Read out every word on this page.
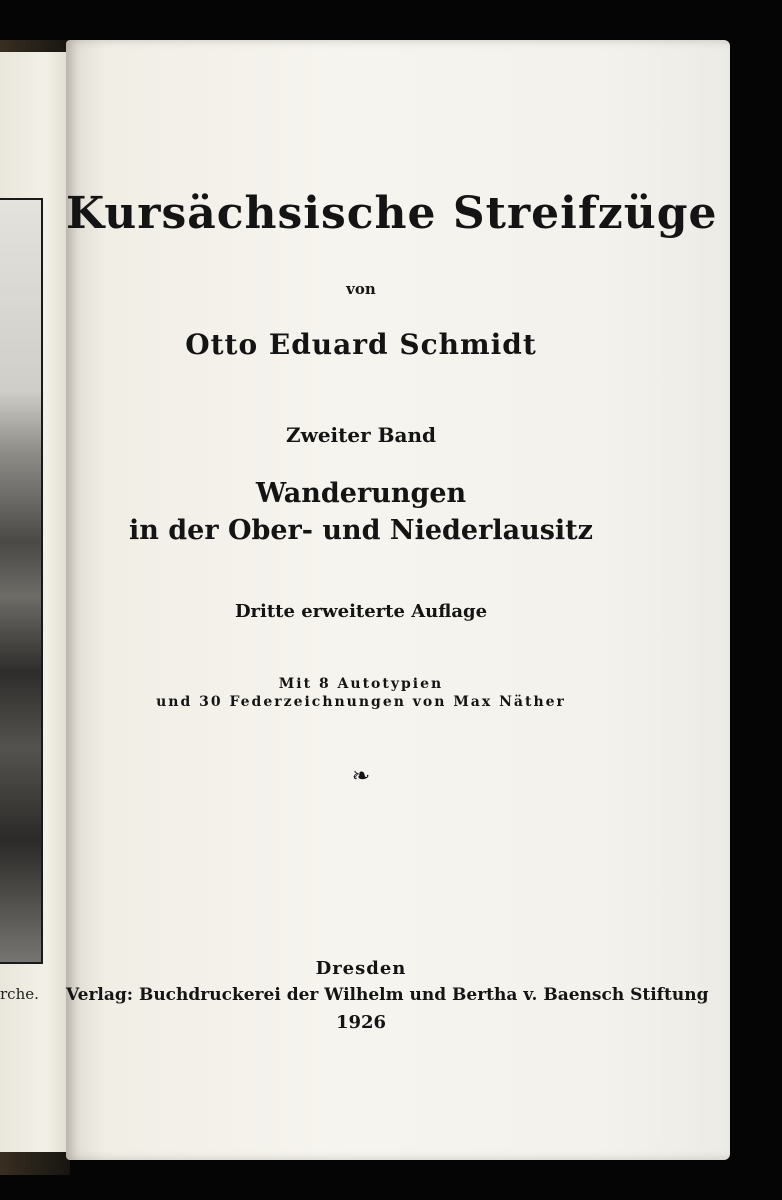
rche.
Kursächsische Streifzüge
von
Otto Eduard Schmidt
Zweiter Band
Wanderungen
in der Ober- und Niederlausitz
Dritte erweiterte Auflage
Mit 8 Autotypien
und 30 Federzeichnungen von Max Näther
❧
Dresden
Verlag: Buchdruckerei der Wilhelm und Bertha v. Baensch Stiftung
1926
